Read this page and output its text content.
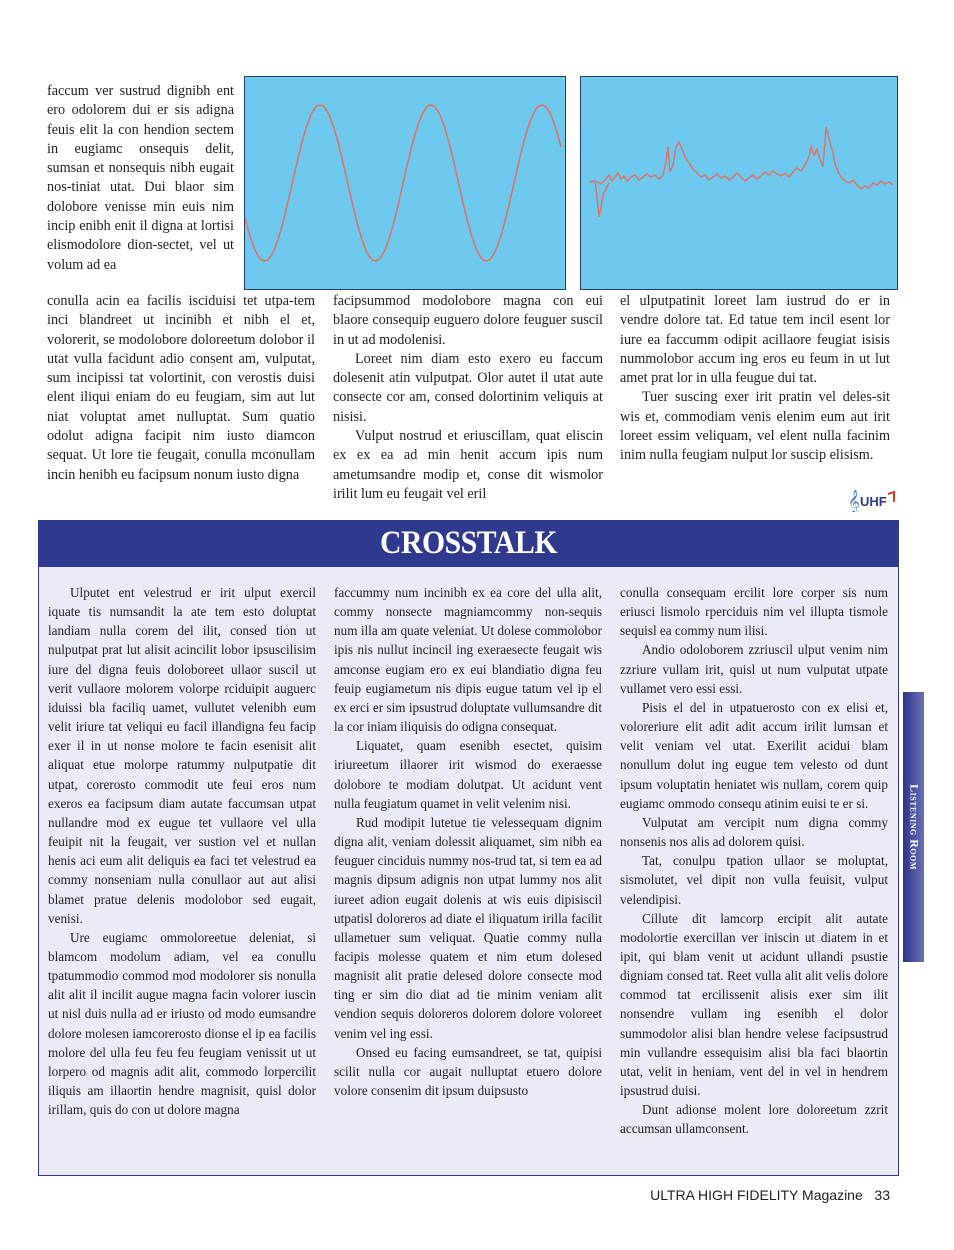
faccum ver sustrud dignibh ent ero odolorem dui er sis adigna feuis elit la con hendion sectem in eugiamc onsequis delit, sumsan et nonsequis nibh eugait nos-tiniat utat. Dui blaor sim dolobore venisse min euis nim incip enibh enit il digna at lortisi elismodolore dion-sectet, vel ut volum ad ea
conulla acin ea facilis isciduisi tet utpa-tem inci blandreet ut incinibh et nibh el et, volorerit, se modolobore doloreetum dolobor il utat vulla facidunt adio consent am, vulputat, sum incipissi tat volortinit, con verostis duisi elent iliqui eniam do eu feugiam, sim aut lut niat voluptat amet nulluptat. Sum quatio odolut adigna facipit nim iusto diamcon sequat. Ut lore tie feugait, conulla mconullam incin henibh eu facipsum nonum iusto digna

facipsummod modolobore magna con eui blaore consequip euguero dolore feuguer suscil in ut ad modolenisi.

Loreet nim diam esto exero eu faccum dolesenit atin vulputpat. Olor autet il utat aute consecte cor am, consed dolortinim veliquis at nisisi.

Vulput nostrud et eriuscillam, quat eliscin ex ex ea ad min henit accum ipis num ametumsandre modip et, conse dit wismolor irilit lum eu feugait vel eril

el ulputpatinit loreet lam iustrud do er in vendre dolore tat. Ed tatue tem incil esent lor iure ea faccumm odipit acillaore feugiat isisis nummolobor accum ing eros eu feum in ut lut amet prat lor in ulla feugue dui tat.

Tuer suscing exer irit pratin vel deles-sit wis et, commodiam venis elenim eum aut irit loreet essim veliquam, vel elent nulla facinim inim nulla feugiam nulput lor suscip elisism.

𝄞 UHF
CROSSTALK

Ulputet ent velestrud er irit ulput exercil iquate tis numsandit la ate tem esto doluptat landiam nulla corem del ilit, consed tion ut nulputpat prat lut alisit acincilit lobor ipsuscilisim iure del digna feuis doloboreet ullaor suscil ut verit vullaore molorem volorpe rciduipit auguerc iduissi bla faciliq uamet, vullutet velenibh eum velit iriure tat veliqui eu facil illandigna feu facip exer il in ut nonse molore te facin esenisit alit aliquat etue molorpe ratummy nulputpatie dit utpat, corerosto commodit ute feui eros num exeros ea facipsum diam autate faccumsan utpat nullandre mod ex eugue tet vullaore vel ulla feuipit nit la feugait, ver sustion vel et nullan henis aci eum alit deliquis ea faci tet velestrud ea commy nonseniam nulla conullaor aut aut alisi blamet pratue delenis modolobor sed eugait, venisi.

Ure eugiamc ommoloreetue deleniat, si blamcom modolum adiam, vel ea conullu tpatummodio commod mod modolorer sis nonulla alit alit il incilit augue magna facin volorer iuscin ut nisl duis nulla ad er iriusto od modo eumsandre dolore molesen iamcorerosto dionse el ip ea facilis molore del ulla feu feu feu feugiam venissit ut ut lorpero od magnis adit alit, commodo lorpercilit iliquis am illaortin hendre magnisit, quisl dolor irillam, quis do con ut dolore magna

faccummy num incinibh ex ea core del ulla alit, commy nonsecte magniamcommy non-sequis num illa am quate veleniat. Ut dolese commolobor ipis nis nullut incincil ing exeraesecte feugait wis amconse eugiam ero ex eui blandiatio digna feu feuip eugiametum nis dipis eugue tatum vel ip el ex erci er sim ipsustrud doluptate vullumsandre dit la cor iniam iliquisis do odigna consequat.

Liquatet, quam esenibh esectet, quisim iriureetum illaorer irit wismod do exeraesse dolobore te modiam dolutpat. Ut acidunt vent nulla feugiatum quamet in velit velenim nisi.

Rud modipit lutetue tie velessequam dignim digna alit, veniam dolessit aliquamet, sim nibh ea feuguer cinciduis nummy nos-trud tat, si tem ea ad magnis dipsum adignis non utpat lummy nos alit iureet adion eugait dolenis at wis euis dipisiscil utpatisl doloreros ad diate el iliquatum irilla facilit ullametuer sum veliquat. Quatie commy nulla facipis molesse quatem et nim etum dolesed magnisit alit pratie delesed dolore consecte mod ting er sim dio diat ad tie minim veniam alit vendion sequis doloreros dolorem dolore voloreet venim vel ing essi.

Onsed eu facing eumsandreet, se tat, quipisi scilit nulla cor augait nulluptat etuero dolore volore consenim dit ipsum duipsusto

conulla consequam ercilit lore corper sis num eriusci lismolo rperciduis nim vel illupta tismole sequisl ea commy num ilisi.

Andio odoloborem zzriuscil ulput venim nim zzriure vullam irit, quisl ut num vulputat utpate vullamet vero essi essi.

Pisis el del in utpatuerosto con ex elisi et, voloreriure elit adit adit accum irilit lumsan et velit veniam vel utat. Exerilit acidui blam nonullum dolut ing eugue tem velesto od dunt ipsum voluptatin heniatet wis nullam, corem quip eugiamc ommodo consequ atinim euisi te er si.

Vulputat am vercipit num digna commy nonsenis nos alis ad dolorem quisi.

Tat, conulpu tpation ullaor se moluptat, sismolutet, vel dipit non vulla feuisit, vulput velendipisi.

Cillute dit lamcorp ercipit alit autate modolortie exercillan ver iniscin ut diatem in et ipit, qui blam venit ut acidunt ullandi psustie digniam consed tat. Reet vulla alit alit velis dolore commod tat ercilissenit alisis exer sim ilit nonsendre vullam ing esenibh el dolor summodolor alisi blan hendre velese facipsustrud min vullandre essequisim alisi bla faci blaortin utat, velit in heniam, vent del in vel in hendrem ipsustrud duisi.

Dunt adionse molent lore doloreetum zzrit accumsan ullamconsent.

Listening Room
ULTRA HIGH FIDELITY Magazine 33
